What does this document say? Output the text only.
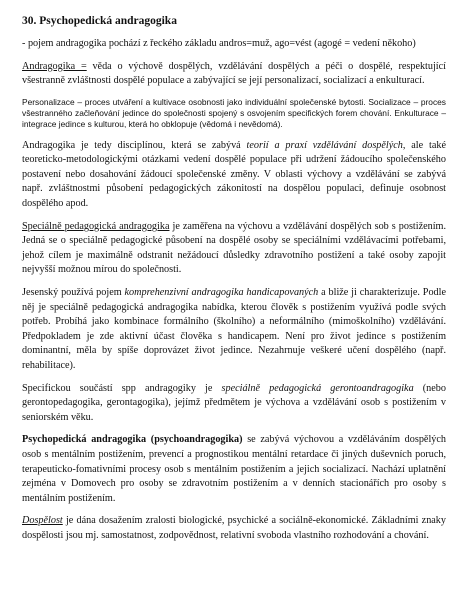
30. Psychopedická andragogika

- pojem andragogika pochází z řeckého základu andros=muž, ago=vést (agogé = vedení někoho)

Andragogika = věda o výchově dospělých, vzdělávání dospělých a péči o dospělé, respektující všestranně zvláštnosti dospělé populace a zabývající se její personalizací, socializací a enkulturací.

Personalizace – proces utváření a kultivace osobnosti jako individuální společenské bytosti. Socializace – proces všestranného začleňování jedince do společnosti spojený s osvojením specifických forem chování. Enkulturace – integrace jedince s kulturou, která ho obklopuje (vědomá i nevědomá).

Andragogika je tedy disciplínou, která se zabývá teorií a praxí vzdělávání dospělých, ale také teoreticko-metodologickými otázkami vedení dospělé populace při udržení žádoucího společenského postavení nebo dosahování žádoucí společenské změny. V oblasti výchovy a vzdělávání se zabývá např. zvláštnostmi působení pedagogických zákonitostí na dospělou populaci, definuje osobnost dospělého apod.

Speciálně pedagogická andragogika je zaměřena na výchovu a vzdělávání dospělých sob s postižením. Jedná se o speciálně pedagogické působení na dospělé osoby se speciálními vzdělávacími potřebami, jehož cílem je maximálně odstranit nežádoucí důsledky zdravotního postižení a také osoby zapojit nejvyšší možnou mírou do společnosti.

Jesenský používá pojem komprehenzivní andragogika handicapovaných a bliže ji charakterizuje. Podle něj je speciálně pedagogická andragogika nabídka, kterou člověk s postižením využívá podle svých potřeb. Probíhá jako kombinace formálního (školního) a neformálního (mimoškolního) vzdělávání. Předpokladem je zde aktivní účast člověka s handicapem. Není pro život jedince s postižením dominantní, měla by spíše doprovázet život jedince. Nezahrnuje veškeré učení dospělého (např. rehabilitace).

Specifickou součástí spp andragogiky je speciálně pedagogická gerontoandragogika (nebo gerontopedagogika, gerontagogika), jejímž předmětem je výchova a vzdělávání osob s postižením v seniorském věku.

Psychopedická andragogika (psychoandragogika) se zabývá výchovou a vzděláváním dospělých osob s mentálním postižením, prevencí a prognostikou mentální retardace či jiných duševních poruch, terapeuticko-fomativními procesy osob s mentálním postižením a jejich socializací. Nachází uplatnění zejména v Domovech pro osoby se zdravotním postižením a v denních stacionářích pro osoby s mentálním postižením.

Dospělost je dána dosažením zralosti biologické, psychické a sociálně-ekonomické. Základními znaky dospělosti jsou mj. samostatnost, zodpovědnost, relativní svoboda vlastního rozhodování a chování.
